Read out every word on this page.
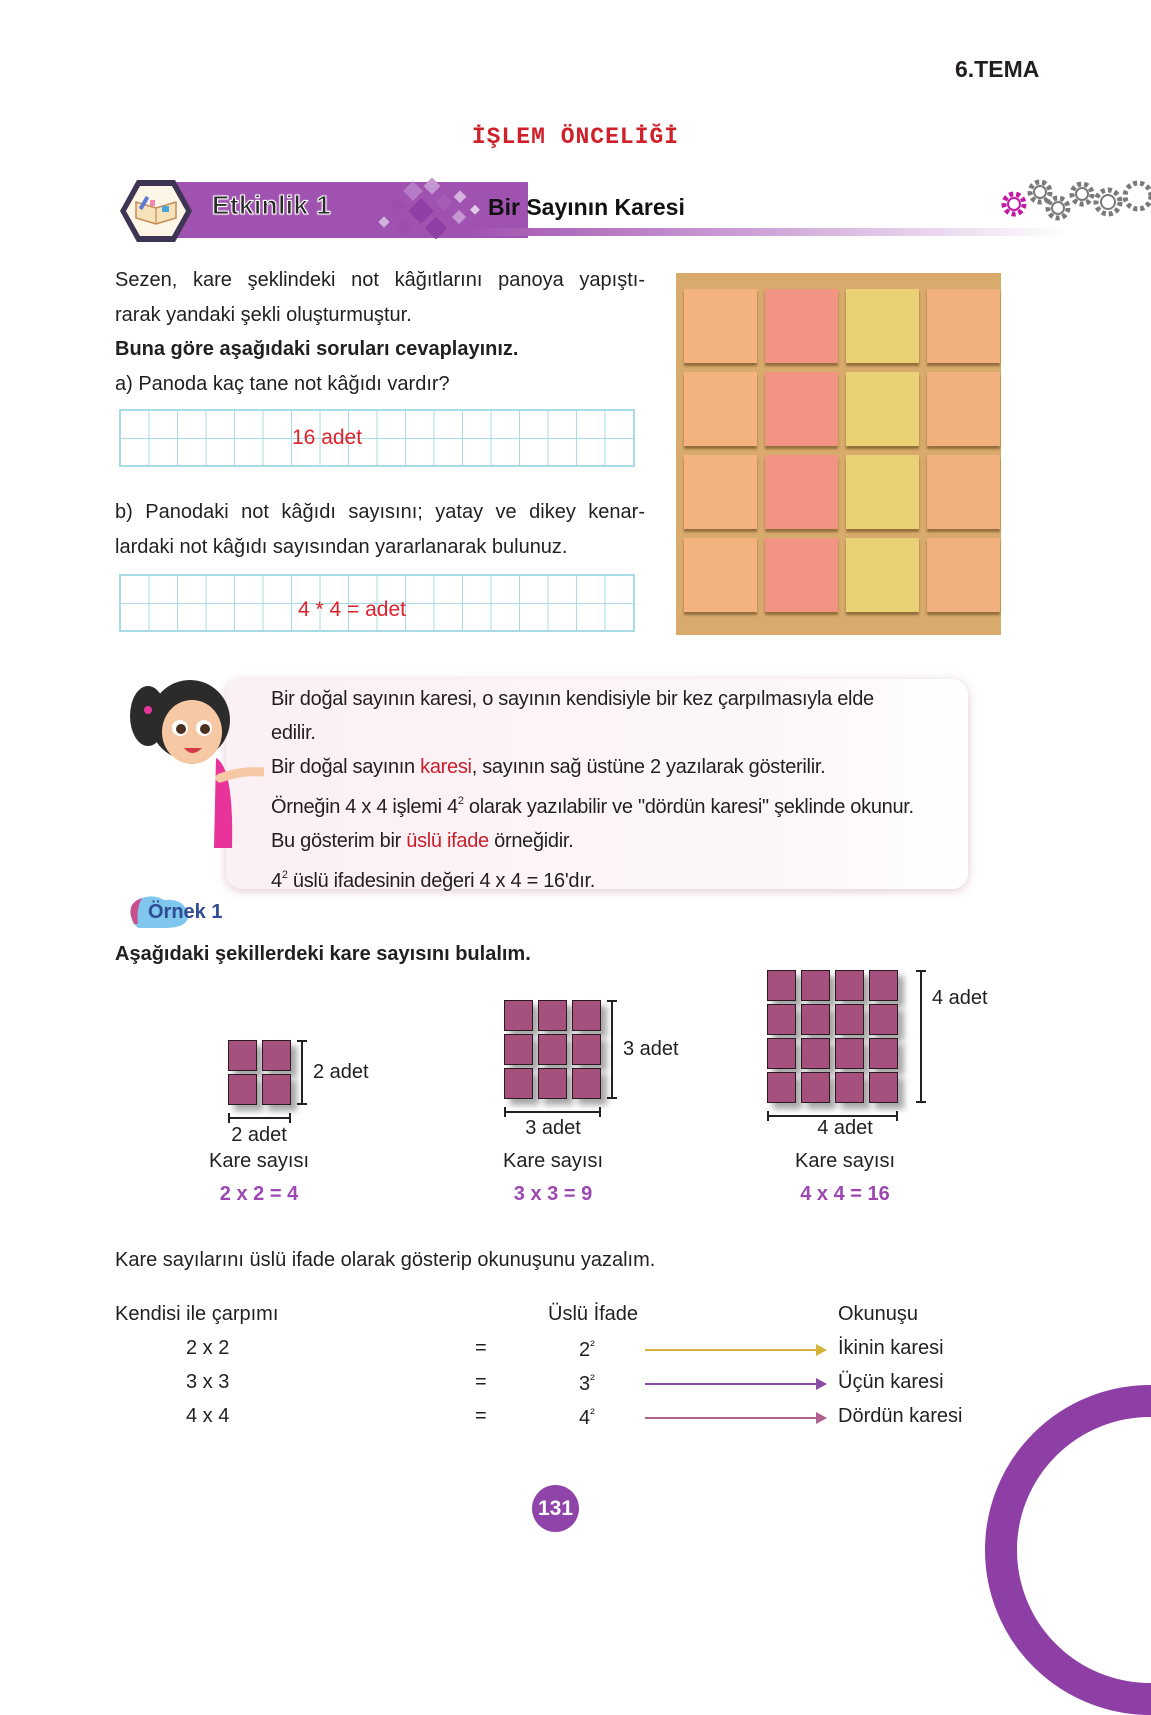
6.TEMA
İŞLEM ÖNCELİĞİ
Etkinlik 1	Bir Sayının Karesi
Sezen, kare şeklindeki not kâğıtlarını panoya yapıştı-
rarak yandaki şekli oluşturmuştur.
Buna göre aşağıdaki soruları cevaplayınız.
a) Panoda kaç tane not kâğıdı vardır?
16 adet
b) Panodaki not kâğıdı sayısını; yatay ve dikey kenar-
lardaki not kâğıdı sayısından yararlanarak bulunuz.
4 * 4 = adet
Bir doğal sayının karesi, o sayının kendisiyle bir kez çarpılmasıyla elde
edilir.
Bir doğal sayının karesi, sayının sağ üstüne 2 yazılarak gösterilir.
Örneğin 4 x 4 işlemi $4^2$ olarak yazılabilir ve "dördün karesi" şeklinde okunur.
Bu gösterim bir üslü ifade örneğidir.
$4^2$ üslü ifadesinin değeri 4 x 4 = 16'dır.
Örnek 1
Aşağıdaki şekillerdeki kare sayısını bulalım.
2 adet
2 adet
Kare sayısı
2 x 2 = 4
3 adet
3 adet
Kare sayısı
3 x 3 = 9
4 adet
4 adet
Kare sayısı
4 x 4 = 16
Kare sayılarını üslü ifade olarak gösterip okunuşunu yazalım.
Kendisi ile çarpımı	Üslü İfade	Okunuşu
2 x 2	=	$2^{^2}$	İkinin karesi
3 x 3	=	$3^{^2}$	Üçün karesi
4 x 4	=	$4^{^2}$	Dördün karesi
131
